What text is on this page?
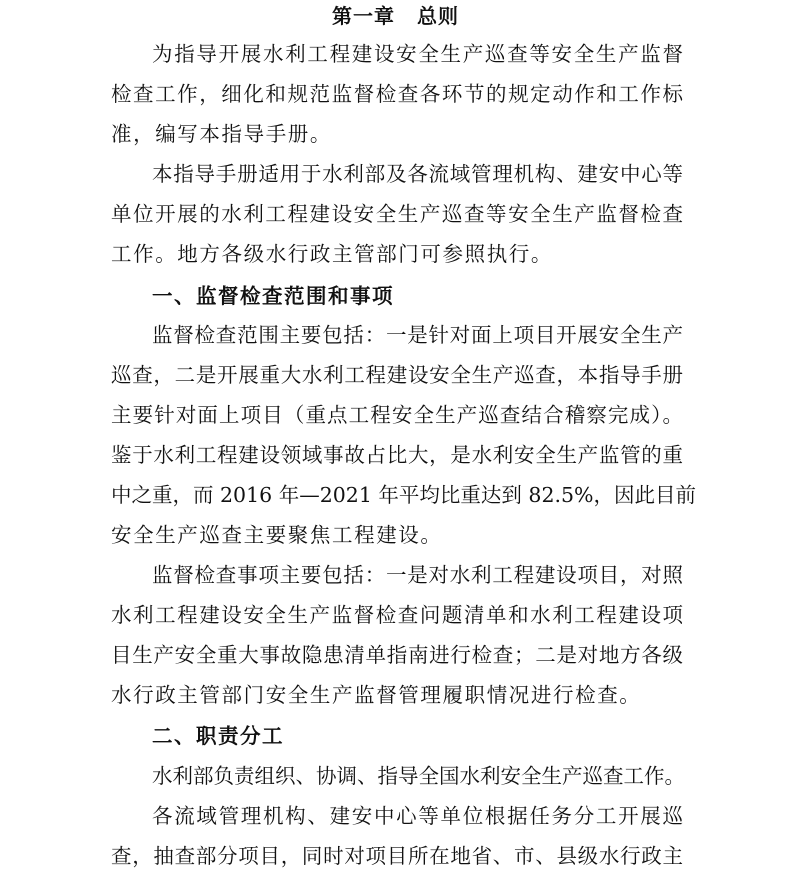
第一章 总则
为指导开展水利工程建设安全生产巡查等安全生产监督
检查工作，细化和规范监督检查各环节的规定动作和工作标
准，编写本指导手册。
本指导手册适用于水利部及各流域管理机构、建安中心等
单位开展的水利工程建设安全生产巡查等安全生产监督检查
工作。地方各级水行政主管部门可参照执行。
一、监督检查范围和事项
监督检查范围主要包括：一是针对面上项目开展安全生产
巡查，二是开展重大水利工程建设安全生产巡查，本指导手册
主要针对面上项目（重点工程安全生产巡查结合稽察完成）。
鉴于水利工程建设领域事故占比大，是水利安全生产监管的重
中之重，而 2016 年—2021 年平均比重达到 82.5%，因此目前
安全生产巡查主要聚焦工程建设。
监督检查事项主要包括：一是对水利工程建设项目，对照
水利工程建设安全生产监督检查问题清单和水利工程建设项
目生产安全重大事故隐患清单指南进行检查；二是对地方各级
水行政主管部门安全生产监督管理履职情况进行检查。
二、职责分工
水利部负责组织、协调、指导全国水利安全生产巡查工作。
各流域管理机构、建安中心等单位根据任务分工开展巡
查，抽查部分项目，同时对项目所在地省、市、县级水行政主
